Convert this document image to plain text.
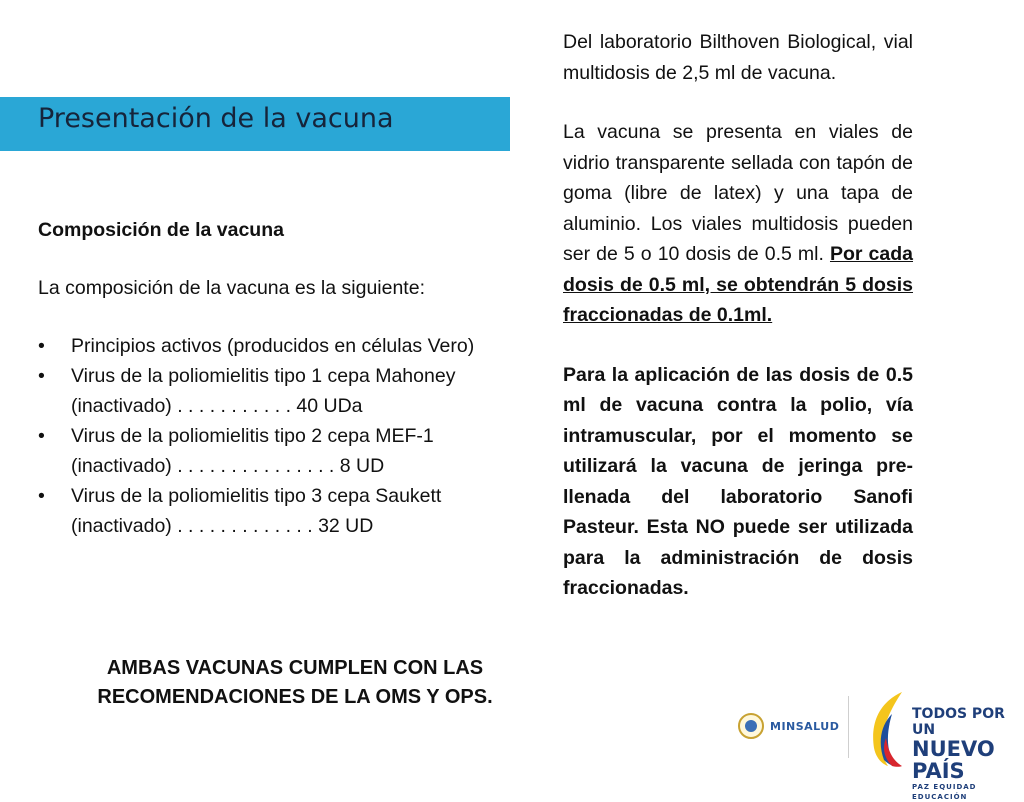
Presentación de la vacuna
Composición de la vacuna
La composición de la vacuna es la siguiente:
• Principios activos (producidos en células Vero)
• Virus de la poliomielitis tipo 1 cepa Mahoney (inactivado) . . . . . . . . . . . 40 UDa
• Virus de la poliomielitis tipo 2 cepa MEF-1 (inactivado) . . . . . . . . . . . . . . . 8 UD
• Virus de la poliomielitis tipo 3 cepa Saukett (inactivado) . . . . . . . . . . . . . 32 UD
AMBAS VACUNAS CUMPLEN CON LAS
RECOMENDACIONES DE LA OMS Y OPS.

Del laboratorio Bilthoven Biological, vial multidosis de 2,5 ml de vacuna.

La vacuna se presenta en viales de vidrio transparente sellada con tapón de goma (libre de latex) y una tapa de aluminio. Los viales multidosis pueden ser de 5 o 10 dosis de 0.5 ml. Por cada dosis de 0.5 ml, se obtendrán 5 dosis fraccionadas de 0.1ml.

Para la aplicación de las dosis de 0.5 ml de vacuna contra la polio, vía intramuscular, por el momento se utilizará la vacuna de jeringa pre-llenada del laboratorio Sanofi Pasteur. Esta NO puede ser utilizada para la administración de dosis fraccionadas.

MINSALUD
TODOS POR UN
NUEVO PAÍS
PAZ EQUIDAD EDUCACIÓN
